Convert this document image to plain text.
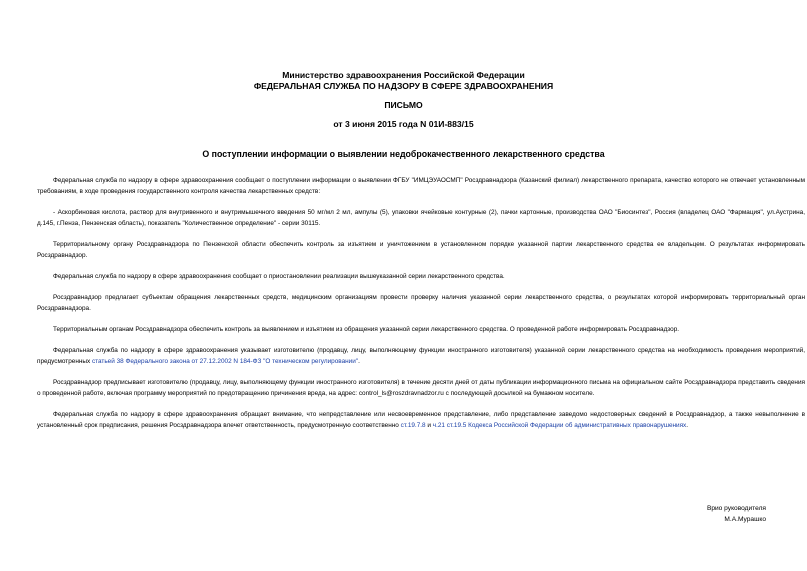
Министерство здравоохранения Российской Федерации
ФЕДЕРАЛЬНАЯ СЛУЖБА ПО НАДЗОРУ В СФЕРЕ ЗДРАВООХРАНЕНИЯ
ПИСЬМО
от 3 июня 2015 года N 01И-883/15
О поступлении информации о выявлении недоброкачественного лекарственного средства

Федеральная служба по надзору в сфере здравоохранения сообщает о поступлении информации о выявлении ФГБУ "ИМЦЭУАОСМП" Росздравнадзора (Казанский филиал) лекарственного препарата, качество которого не отвечает установленным требованиям, в ходе проведения государственного контроля качества лекарственных средств:

- Аскорбиновая кислота, раствор для внутривенного и внутримышечного введения 50 мг/мл 2 мл, ампулы (5), упаковки ячейковые контурные (2), пачки картонные, производства ОАО "Биосинтез", Россия (владелец ОАО "Фармация", ул.Аустрина, д.145, г.Пенза, Пензенская область), показатель "Количественное определение" - серии 30115.

Территориальному органу Росздравнадзора по Пензенской области обеспечить контроль за изъятием и уничтожением в установленном порядке указанной партии лекарственного средства ее владельцем. О результатах информировать Росздравнадзор.

Федеральная служба по надзору в сфере здравоохранения сообщает о приостановлении реализации вышеуказанной серии лекарственного средства.

Росздравнадзор предлагает субъектам обращения лекарственных средств, медицинским организациям провести проверку наличия указанной серии лекарственного средства, о результатах которой информировать территориальный орган Росздравнадзора.

Территориальным органам Росздравнадзора обеспечить контроль за выявлением и изъятием из обращения указанной серии лекарственного средства. О проведенной работе информировать Росздравнадзор.

Федеральная служба по надзору в сфере здравоохранения указывает изготовителю (продавцу, лицу, выполняющему функции иностранного изготовителя) указанной серии лекарственного средства на необходимость проведения мероприятий, предусмотренных статьей 38 Федерального закона от 27.12.2002 N 184-ФЗ "О техническом регулировании".

Росздравнадзор предписывает изготовителю (продавцу, лицу, выполняющему функции иностранного изготовителя) в течение десяти дней от даты публикации информационного письма на официальном сайте Росздравнадзора представить сведения о проведенной работе, включая программу мероприятий по предотвращению причинения вреда, на адрес: control_ls@roszdravnadzor.ru с последующей досылкой на бумажном носителе.

Федеральная служба по надзору в сфере здравоохранения обращает внимание, что непредставление или несвоевременное представление, либо представление заведомо недостоверных сведений в Росздравнадзор, а также невыполнение в установленный срок предписания, решения Росздравнадзора влечет ответственность, предусмотренную соответственно ст.19.7.8 и ч.21 ст.19.5 Кодекса Российской Федерации об административных правонарушениях.

Врио руководителя
М.А.Мурашко
